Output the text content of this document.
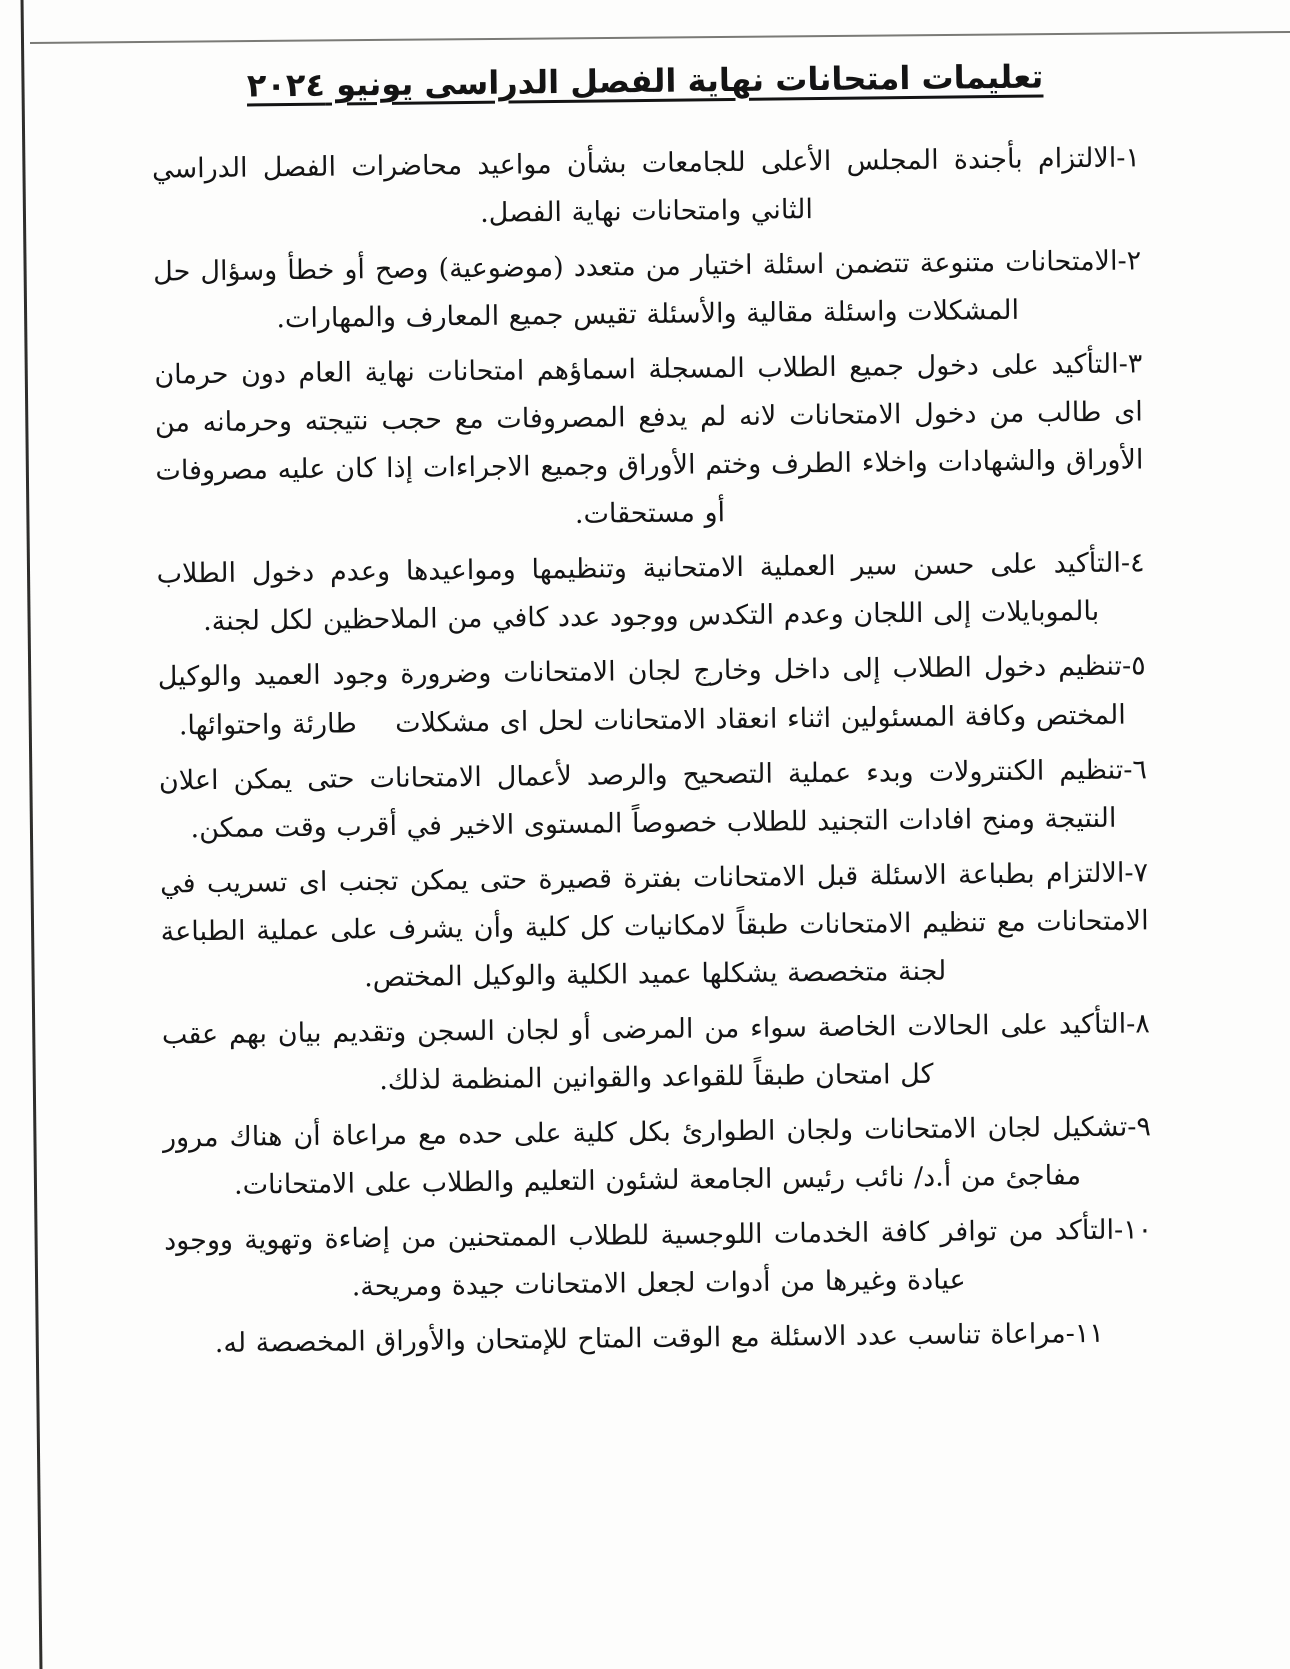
تعليمات امتحانات نهاية الفصل الدراسى يونيو ٢٠٢٤

١-الالتزام بأجندة المجلس الأعلى للجامعات بشأن مواعيد محاضرات الفصل الدراسي الثاني وامتحانات نهاية الفصل.

٢-الامتحانات متنوعة تتضمن اسئلة اختيار من متعدد (موضوعية) وصح أو خطأ وسؤال حل المشكلات واسئلة مقالية والأسئلة تقيس جميع المعارف والمهارات.

٣-التأكيد على دخول جميع الطلاب المسجلة اسماؤهم امتحانات نهاية العام دون حرمان اى طالب من دخول الامتحانات لانه لم يدفع المصروفات مع حجب نتيجته وحرمانه من الأوراق والشهادات واخلاء الطرف وختم الأوراق وجميع الاجراءات إذا كان عليه مصروفات أو مستحقات.

٤-التأكيد على حسن سير العملية الامتحانية وتنظيمها ومواعيدها وعدم دخول الطلاب بالموبايلات إلى اللجان وعدم التكدس ووجود عدد كافي من الملاحظين لكل لجنة.

٥-تنظيم دخول الطلاب إلى داخل وخارج لجان الامتحانات وضرورة وجود العميد والوكيل المختص وكافة المسئولين اثناء انعقاد الامتحانات لحل اى مشكلات    طارئة واحتوائها.

٦-تنظيم الكنترولات وبدء عملية التصحيح والرصد لأعمال الامتحانات حتى يمكن اعلان النتيجة ومنح افادات التجنيد للطلاب خصوصاً المستوى الاخير في أقرب وقت ممكن.

٧-الالتزام بطباعة الاسئلة قبل الامتحانات بفترة قصيرة حتى يمكن تجنب اى تسريب في الامتحانات مع تنظيم الامتحانات طبقاً لامكانيات كل كلية وأن يشرف على عملية الطباعة لجنة متخصصة يشكلها عميد الكلية والوكيل المختص.

٨-التأكيد على الحالات الخاصة سواء من المرضى أو لجان السجن وتقديم بيان بهم عقب كل امتحان طبقاً للقواعد والقوانين المنظمة لذلك.

٩-تشكيل لجان الامتحانات ولجان الطوارئ بكل كلية على حده مع مراعاة أن هناك مرور مفاجئ من أ.د/ نائب رئيس الجامعة لشئون التعليم والطلاب على الامتحانات.

١٠-التأكد من توافر كافة الخدمات اللوجسية للطلاب الممتحنين من إضاءة وتهوية ووجود عيادة وغيرها من أدوات لجعل الامتحانات جيدة ومريحة.

١١-مراعاة تناسب عدد الاسئلة مع الوقت المتاح للإمتحان والأوراق المخصصة له.
